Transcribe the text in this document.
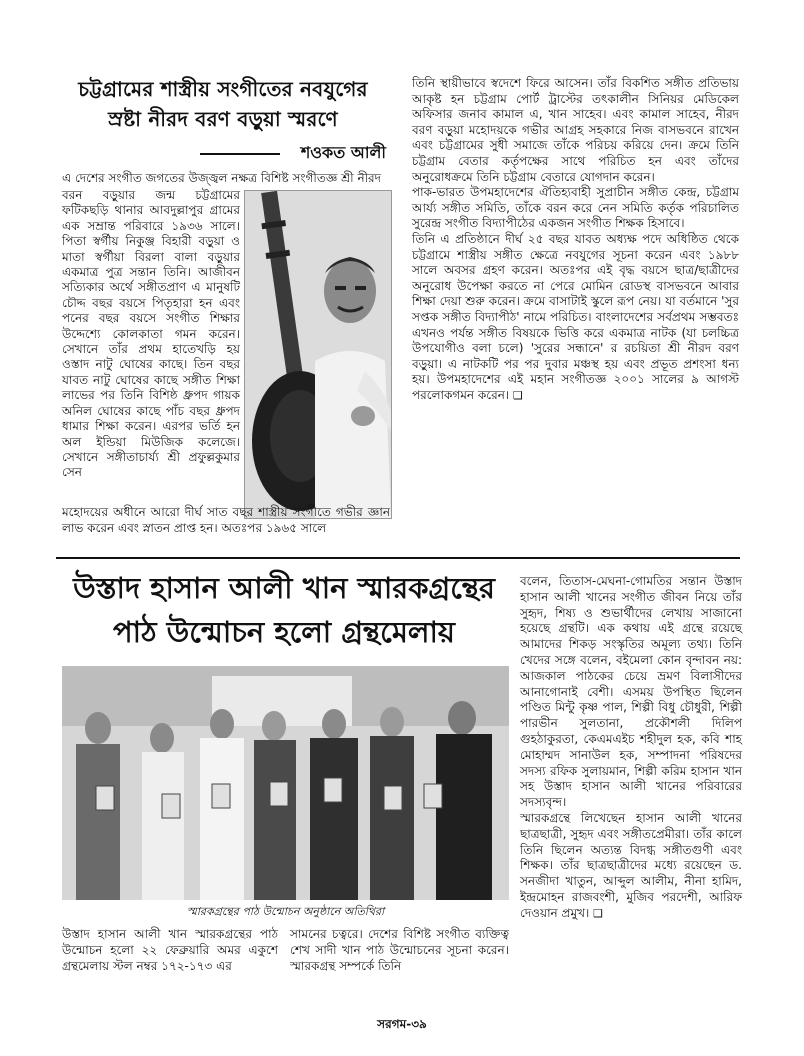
চট্টগ্রামের শাস্ত্রীয় সংগীতের নবযুগের
স্রষ্টা নীরদ বরণ বড়ুয়া স্মরণে
শওকত আলী
এ দেশের সংগীত জগতের উজ্জ্বল নক্ষত্র বিশিষ্ট সংগীতজ্ঞ শ্রী নীরদ
বরন বড়ুয়ার জন্ম চট্টগ্রামের ফটিকছড়ি থানার আবদুল্লাপুর গ্রামের এক সম্রান্ত পরিবারে ১৯৩৬ সালে। পিতা স্বর্গীয় নিকুঞ্জ বিহারী বড়ুয়া ও মাতা স্বর্গীয়া বিরলা বালা বড়ুয়ার একমাত্র পুত্র সন্তান তিনি। আজীবন সত্যিকার অর্থে সঙ্গীতপ্রাণ এ মানুষটি চৌদ্দ বছর বয়সে পিতৃহারা হন এবং পনের বছর বয়সে সংগীত শিক্ষার উদ্দেশ্যে কোলকাতা গমন করেন। সেখানে তাঁর প্রথম হাতেখড়ি হয় ওস্তাদ নাটু ঘোষের কাছে। তিন বছর যাবত নাটু ঘোষের কাছে সঙ্গীত শিক্ষা লাভের পর তিনি বিশিষ্ঠ ধ্রুপদ গায়ক অনিল ঘোষের কাছে পাঁচ বছর ধ্রুপদ ধামার শিক্ষা করেন। এরপর ভর্তি হন অল ইন্ডিয়া মিউজিক কলেজে। সেখানে সঙ্গীতাচার্য্য শ্রী প্রফুল্লকুমার সেন
মহোদয়ের অধীনে আরো দীর্ঘ সাত বছর শাস্ত্রীয় সংগীতে গভীর জ্ঞান লাভ করেন এবং স্নাতন প্রাপ্ত হন। অতঃপর ১৯৬৫ সালে

তিনি স্থায়ীভাবে স্বদেশে ফিরে আসেন। তাঁর বিকশিত সঙ্গীত প্রতিভায় আকৃষ্ট হন চট্টগ্রাম পোর্ট ট্রাস্টের তৎকালীন সিনিয়র মেডিকেল অফিসার জনাব কামাল এ, খান সাহেব। এবং কামাল সাহেব, নীরদ বরণ বড়ুয়া মহোদয়কে গভীর আগ্রহ সহকারে নিজ বাসভবনে রাখেন এবং চট্টগ্রামের সুধী সমাজে তাঁকে পরিচয় করিয়ে দেন। ক্রমে তিনি চট্টগ্রাম বেতার কর্তৃপক্ষের সাথে পরিচিত হন এবং তাঁদের অনুরোধক্রমে তিনি চট্টগ্রাম বেতারে যোগদান করেন।

পাক-ভারত উপমহাদেশের ঐতিহ্যবাহী সুপ্রাচীন সঙ্গীত কেন্দ্র, চট্টগ্রাম আর্য্য সঙ্গীত সমিতি, তাঁকে বরন করে নেন সমিতি কর্তৃক পরিচালিত সুরেন্দ্র সংগীত বিদ্যাপীঠের একজন সংগীত শিক্ষক হিসাবে।

তিনি এ প্রতিষ্ঠানে দীর্ঘ ২৫ বছর যাবত অধ্যক্ষ পদে অধিষ্ঠিত থেকে চট্টগ্রামে শাস্ত্রীয় সঙ্গীত ক্ষেত্রে নবযুগের সূচনা করেন এবং ১৯৮৮ সালে অবসর গ্রহণ করেন। অতঃপর এই বৃদ্ধ বয়সে ছাত্র/ছাত্রীদের অনুরোধ উপেক্ষা করতে না পেরে মোমিন রোডস্থ বাসভবনে আবার শিক্ষা দেয়া শুরু করেন। ক্রমে বাসাটাই স্কুলে রূপ নেয়। যা বর্তমানে 'সুর সপ্তক সঙ্গীত বিদ্যাপীঠ' নামে পরিচিত। বাংলাদেশের সর্বপ্রথম সম্ভবতঃ এখনও পর্যন্ত সঙ্গীত বিষয়কে ভিত্তি করে একমাত্র নাটক (যা চলচ্চিত্র উপযোগীও বলা চলে) 'সুরের সন্ধানে' র রচয়িতা শ্রী নীরদ বরণ বড়ুয়া। এ নাটকটি পর পর দুবার মঞ্চস্থ হয় এবং প্রভূত প্রশংসা ধন্য হয়। উপমহাদেশের এই মহান সংগীতজ্ঞ ২০০১ সালের ৯ আগস্ট পরলোকগমন করেন। ❑

উস্তাদ হাসান আলী খান স্মারকগ্রন্থের
পাঠ উন্মোচন হলো গ্রন্থমেলায়
স্মারকগ্রন্থের পাঠ উন্মোচন অনুষ্ঠানে অতিথিরা
উস্তাদ হাসান আলী খান স্মারকগ্রন্থের পাঠ উন্মোচন হলো ২২ ফেব্রুয়ারি অমর একুশে গ্রন্থমেলায় স্টল নম্বর ১৭২-১৭৩ এর
সামনের চত্বরে। দেশের বিশিষ্ট সংগীত ব্যক্তিত্ব শেখ সাদী খান পাঠ উন্মোচনের সূচনা করেন। স্মারকগ্রন্থ সম্পর্কে তিনি
বলেন, তিতাস-মেঘনা-গোমতির সন্তান উস্তাদ হাসান আলী খানের সংগীত জীবন নিয়ে তাঁর সুহৃদ, শিষ্য ও শুভার্থীদের লেখায় সাজানো হয়েছে গ্রন্থটি। এক কথায় এই গ্রন্থে রয়েছে আমাদের শিকড় সংস্কৃতির অমূল্য তথ্য। তিনি খেদের সঙ্গে বলেন, বইমেলা কোন বৃন্দাবন নয়: আজকাল পাঠকের চেয়ে ভ্রমণ বিলাসীদের আনাগোনাই বেশী। এসময় উপস্থিত ছিলেন পণ্ডিত মিন্টু কৃষ্ণ পাল, শিল্পী বিধু চৌধুরী, শিল্পী পারভীন সুলতানা, প্রকৌশলী দিলিপ গুহঠাকুরতা, কেএমএইচ শহীদুল হক, কবি শাহ মোহাম্মদ সানাউল হক, সম্পাদনা পরিষদের সদস্য রফিক সুলায়মান, শিল্পী করিম হাসান খান সহ উস্তাদ হাসান আলী খানের পরিবারের সদস্যবৃন্দ।
স্মারকগ্রন্থে লিখেছেন হাসান আলী খানের ছাত্রছাত্রী, সুহৃদ এবং সঙ্গীতপ্রেমীরা। তাঁর কালে তিনি ছিলেন অত্যন্ত বিদগ্ধ সঙ্গীতগুণী এবং শিক্ষক। তাঁর ছাত্রছাত্রীদের মধ্যে রয়েছেন ড. সনজীদা খাতুন, আব্দুল আলীম, নীনা হামিদ, ইন্দ্রমোহন রাজবংশী, মুজিব পরদেশী, আরিফ দেওয়ান প্রমুখ। ❑
সরগম-৩৯
